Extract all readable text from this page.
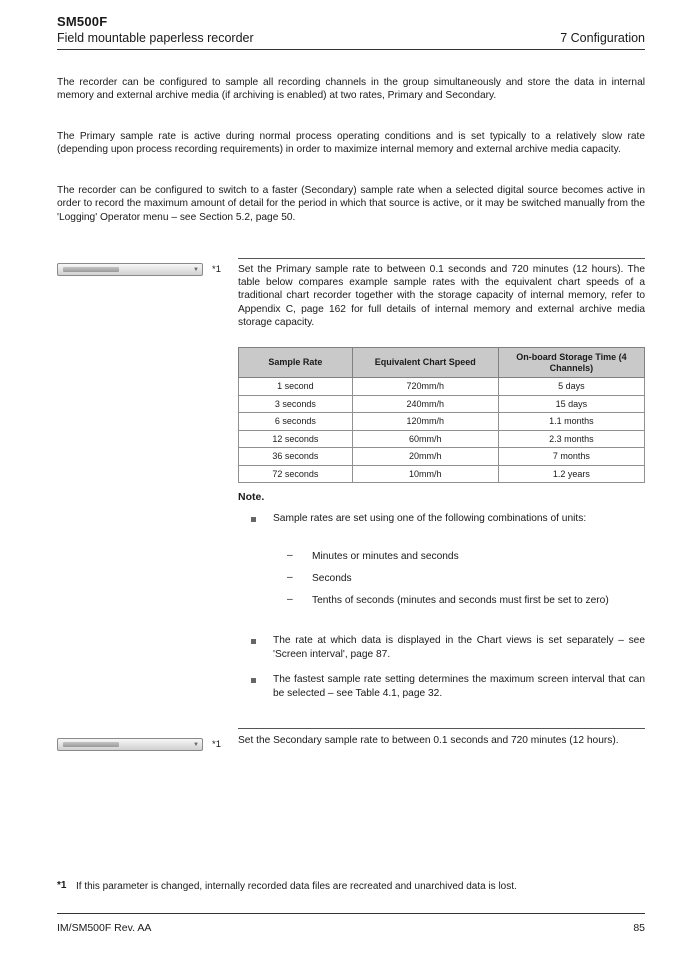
SM500F
Field mountable paperless recorder	7 Configuration

The recorder can be configured to sample all recording channels in the group simultaneously and store the data in internal memory and external archive media (if archiving is enabled) at two rates, Primary and Secondary.

The Primary sample rate is active during normal process operating conditions and is set typically to a relatively slow rate (depending upon process recording requirements) in order to maximize internal memory and external archive media capacity.

The recorder can be configured to switch to a faster (Secondary) sample rate when a selected digital source becomes active in order to record the maximum amount of detail for the period in which that source is active, or it may be switched manually from the 'Logging' Operator menu – see Section 5.2, page 50.

▼ *1 Set the Primary sample rate to between 0.1 seconds and 720 minutes (12 hours). The table below compares example sample rates with the equivalent chart speeds of a traditional chart recorder together with the storage capacity of internal memory, refer to Appendix C, page 162 for full details of internal memory and external archive media storage capacity.

Sample Rate	Equivalent Chart Speed	On-board Storage Time (4 Channels)
1 second	720mm/h	5 days
3 seconds	240mm/h	15 days
6 seconds	120mm/h	1.1 months
12 seconds	60mm/h	2.3 months
36 seconds	20mm/h	7 months
72 seconds	10mm/h	1.2 years
Note.

Sample rates are set using one of the following combinations of units:

– Minutes or minutes and seconds

– Seconds

– Tenths of seconds (minutes and seconds must first be set to zero)

The rate at which data is displayed in the Chart views is set separately – see 'Screen interval', page 87.

The fastest sample rate setting determines the maximum screen interval that can be selected – see Table 4.1, page 32.

▼ *1 Set the Secondary sample rate to between 0.1 seconds and 720 minutes (12 hours).

*1 If this parameter is changed, internally recorded data files are recreated and unarchived data is lost.
IM/SM500F Rev. AA	85
